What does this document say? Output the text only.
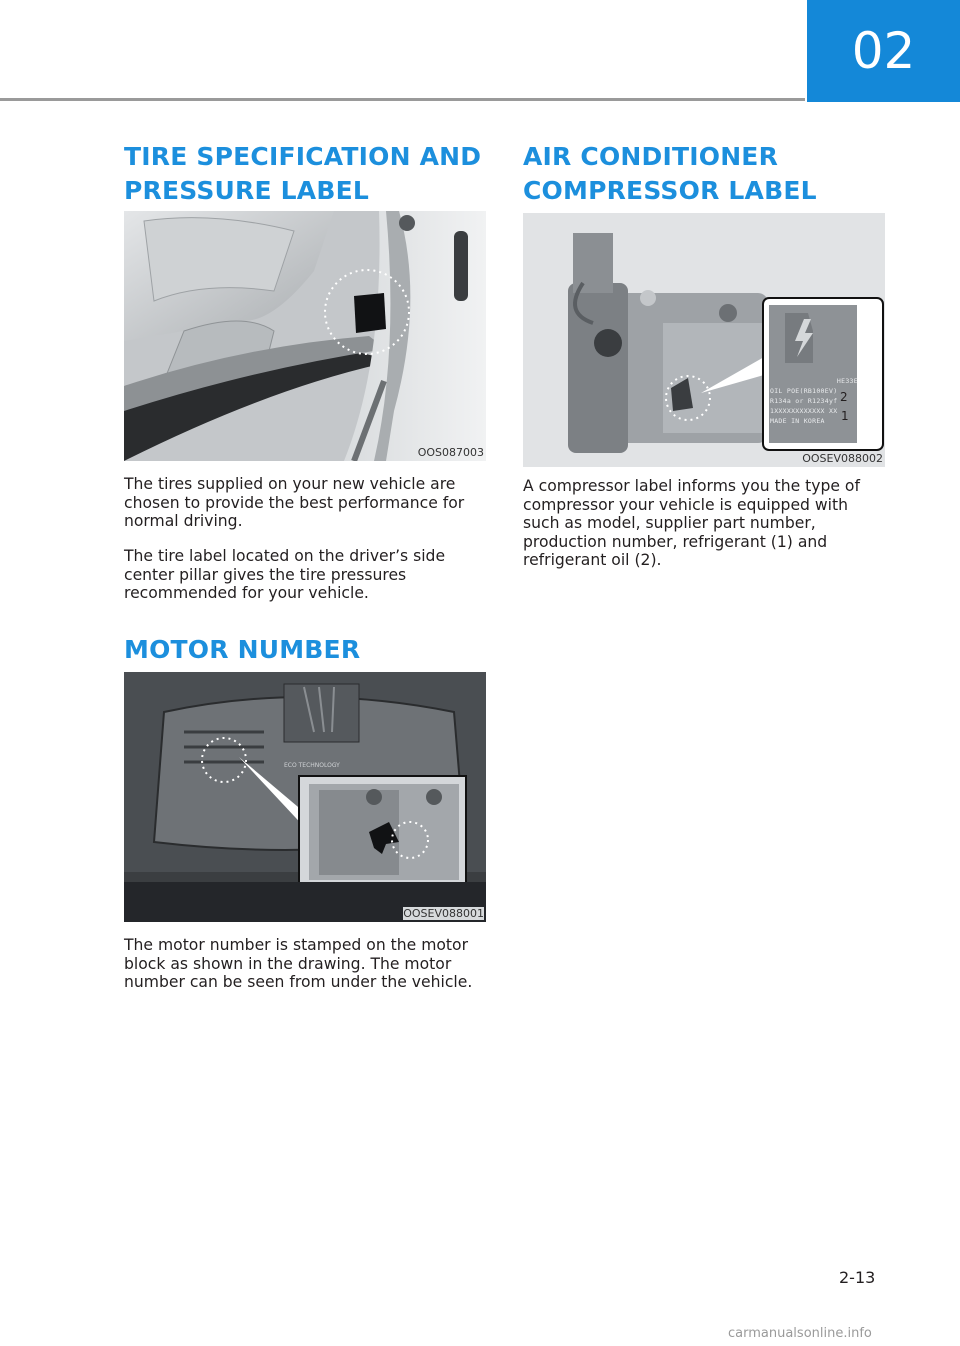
02
TIRE SPECIFICATION AND
PRESSURE LABEL
OOS087003

The tires supplied on your new vehicle are chosen to provide the best performance for normal driving.

The tire label located on the driver’s side center pillar gives the tire pressures recommended for your vehicle.

MOTOR NUMBER
ECO TECHNOLOGY
OOSEV088001

The motor number is stamped on the motor block as shown in the drawing. The motor number can be seen from under the vehicle.

AIR CONDITIONER
COMPRESSOR LABEL
HE33E
OIL POE(RB100EV)
R134a or R1234yf
1XXXXXXXXXXXX XX
MADE IN KOREA
2
1
OOSEV088002

A compressor label informs you the type of compressor your vehicle is equipped with such as model, supplier part number, production number, refrigerant (1) and refrigerant oil (2).

2-13
carmanualsonline.info
